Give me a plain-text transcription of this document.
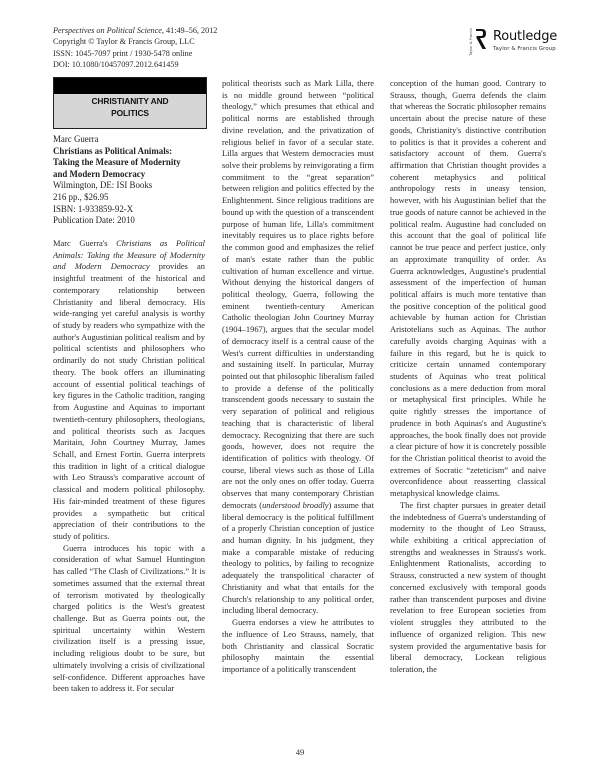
Perspectives on Political Science, 41:49–56, 2012
Copyright © Taylor & Francis Group, LLC
ISSN: 1045-7097 print / 1930-5478 online
DOI: 10.1080/10457097.2012.641459
Taylor & Francis Routledge
Taylor & Francis Group
CHRISTIANITY AND
POLITICS
Marc Guerra
Christians as Political Animals:
Taking the Measure of Modernity
and Modern Democracy
Wilmington, DE: ISI Books
216 pp., $26.95
ISBN: 1-933859-92-X
Publication Date: 2010

Marc Guerra's Christians as Political Animals: Taking the Measure of Modernity and Modern Democracy provides an insightful treatment of the historical and contemporary relationship between Christianity and liberal democracy. His wide-ranging yet careful analysis is worthy of study by readers who sympathize with the author's Augustinian political realism and by political scientists and philosophers who ordinarily do not study Christian political theory. The book offers an illuminating account of essential political teachings of key figures in the Catholic tradition, ranging from Augustine and Aquinas to important twentieth-century philosophers, theologians, and political theorists such as Jacques Maritain, John Courtney Murray, James Schall, and Ernest Fortin. Guerra interprets this tradition in light of a critical dialogue with Leo Strauss's comparative account of classical and modern political philosophy. His fair-minded treatment of these figures provides a sympathetic but critical appreciation of their contributions to the study of politics.

Guerra introduces his topic with a consideration of what Samuel Huntington has called “The Clash of Civilizations.” It is sometimes assumed that the external threat of terrorism motivated by theologically charged politics is the West's greatest challenge. But as Guerra points out, the spiritual uncertainty within Western civilization itself is a pressing issue, including religious doubt to be sure, but ultimately involving a crisis of civilizational self-confidence. Different approaches have been taken to address it. For secular

political theorists such as Mark Lilla, there is no middle ground between “political theology,” which presumes that ethical and political norms are established through divine revelation, and the privatization of religious belief in favor of a secular state. Lilla argues that Western democracies must solve their problems by reinvigorating a firm commitment to the “great separation” between religion and politics effected by the Enlightenment. Since religious traditions are bound up with the question of a transcendent purpose of human life, Lilla's commitment inevitably requires us to place rights before the common good and emphasizes the relief of man's estate rather than the public cultivation of human excellence and virtue. Without denying the historical dangers of political theology, Guerra, following the eminent twentieth-century American Catholic theologian John Courtney Murray (1904–1967), argues that the secular model of democracy itself is a central cause of the West's current difficulties in understanding and sustaining itself. In particular, Murray pointed out that philosophic liberalism failed to provide a defense of the politically transcendent goods necessary to sustain the very separation of political and religious teaching that is characteristic of liberal democracy. Recognizing that there are such goods, however, does not require the identification of politics with theology. Of course, liberal views such as those of Lilla are not the only ones on offer today. Guerra observes that many contemporary Christian democrats (understood broadly) assume that liberal democracy is the political fulfillment of a properly Christian conception of justice and human dignity. In his judgment, they make a comparable mistake of reducing theology to politics, by failing to recognize adequately the transpolitical character of Christianity and what that entails for the Church's relationship to any political order, including liberal democracy.

Guerra endorses a view he attributes to the influence of Leo Strauss, namely, that both Christianity and classical Socratic philosophy maintain the essential importance of a politically transcendent

conception of the human good. Contrary to Strauss, though, Guerra defends the claim that whereas the Socratic philosopher remains uncertain about the precise nature of these goods, Christianity's distinctive contribution to politics is that it provides a coherent and satisfactory account of them. Guerra's affirmation that Christian thought provides a coherent metaphysics and political anthropology rests in uneasy tension, however, with his Augustinian belief that the true goods of nature cannot be achieved in the political realm. Augustine had concluded on this account that the goal of political life cannot be true peace and perfect justice, only an approximate tranquility of order. As Guerra acknowledges, Augustine's prudential assessment of the imperfection of human political affairs is much more tentative than the positive conception of the political good achievable by human action for Christian Aristotelians such as Aquinas. The author carefully avoids charging Aquinas with a failure in this regard, but he is quick to criticize certain unnamed contemporary students of Aquinas who treat political conclusions as a mere deduction from moral or metaphysical first principles. While he quite rightly stresses the importance of prudence in both Aquinas's and Augustine's approaches, the book finally does not provide a clear picture of how it is concretely possible for the Christian political theorist to avoid the extremes of Socratic “zeteticism” and naive overconfidence about reasserting classical metaphysical knowledge claims.

The first chapter pursues in greater detail the indebtedness of Guerra's understanding of modernity to the thought of Leo Strauss, while exhibiting a critical appreciation of strengths and weaknesses in Strauss's work. Enlightenment Rationalists, according to Strauss, constructed a new system of thought concerned exclusively with temporal goods rather than transcendent purposes and divine revelation to free European societies from violent struggles they attributed to the influence of organized religion. This new system provided the argumentative basis for liberal democracy, Lockean religious toleration, the

49
